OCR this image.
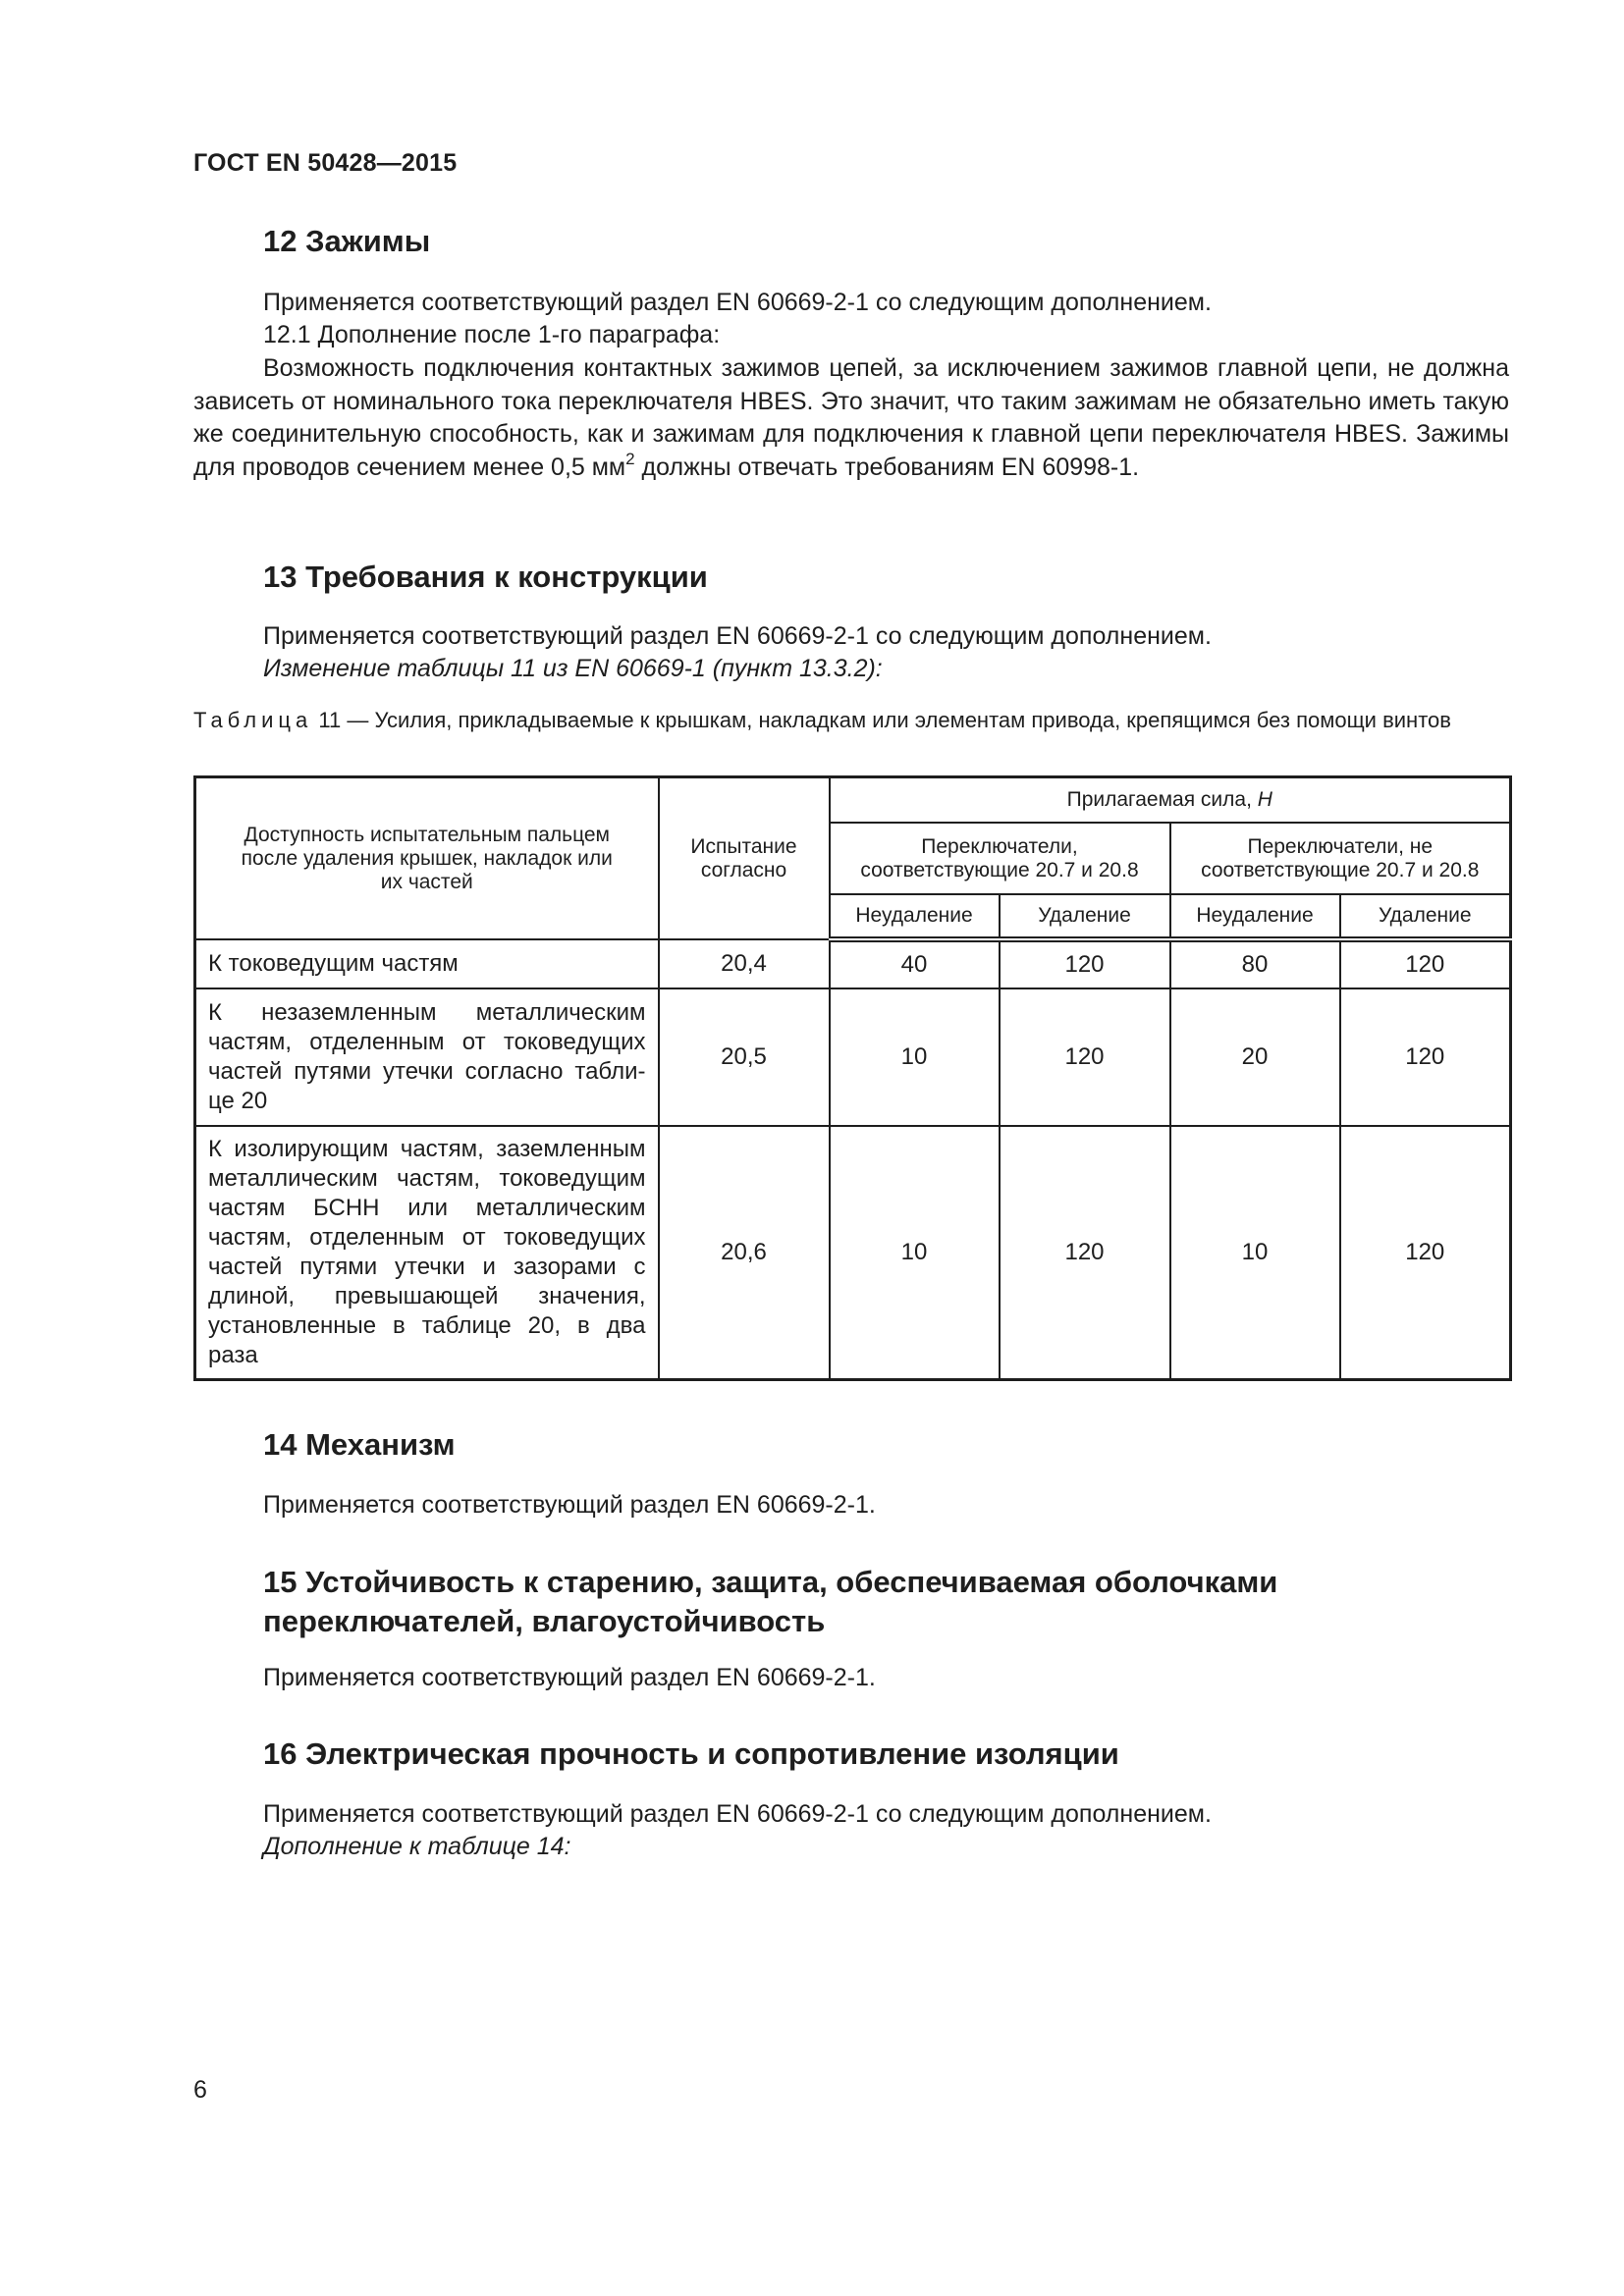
ГОСТ EN 50428—2015
12 Зажимы
Применяется соответствующий раздел EN 60669-2-1 со следующим дополнением.
12.1 Дополнение после 1-го параграфа:
Возможность подключения контактных зажимов цепей, за исключением зажимов главной цепи, не должна зависеть от номинального тока переключателя HBES. Это значит, что таким зажимам не обязательно иметь такую же соединительную способность, как и зажимам для подключения к главной цепи переключателя HBES. Зажимы для проводов сечением менее 0,5 $мм^2$ должны отвечать требованиям EN 60998-1.
13 Требования к конструкции
Применяется соответствующий раздел EN 60669-2-1 со следующим дополнением.
Изменение таблицы 11 из EN 60669-1 (пункт 13.3.2):
Таблица 11 — Усилия, прикладываемые к крышкам, накладкам или элементам привода, крепящимся без помощи винтов
Доступность испытательным пальцем после удаления крышек, накладок или их частей	Испытание согласно	Прилагаемая сила, Н			
		Переключатели, соответствующие 20.7 и 20.8		Переключатели, не соответствующие 20.7 и 20.8	
		Неудаление	Удаление	Неудаление	Удаление
К токоведущим частям	20,4	40	120	80	120
К незаземленным металлическим частям, отделенным от токоведущих частей путями утечки согласно табли-це 20	20,5	10	120	20	120
К изолирующим частям, заземленным металлическим частям, токоведущим частям БСНН или металлическим частям, отделенным от токоведущих частей путями утечки и зазорами с длиной, превышающей значения, установленные в таблице 20, в два раза	20,6	10	120	10	120
14 Механизм
Применяется соответствующий раздел EN 60669-2-1.
15 Устойчивость к старению, защита, обеспечиваемая оболочками
переключателей, влагоустойчивость
Применяется соответствующий раздел EN 60669-2-1.
16 Электрическая прочность и сопротивление изоляции
Применяется соответствующий раздел EN 60669-2-1 со следующим дополнением.
Дополнение к таблице 14:
6
